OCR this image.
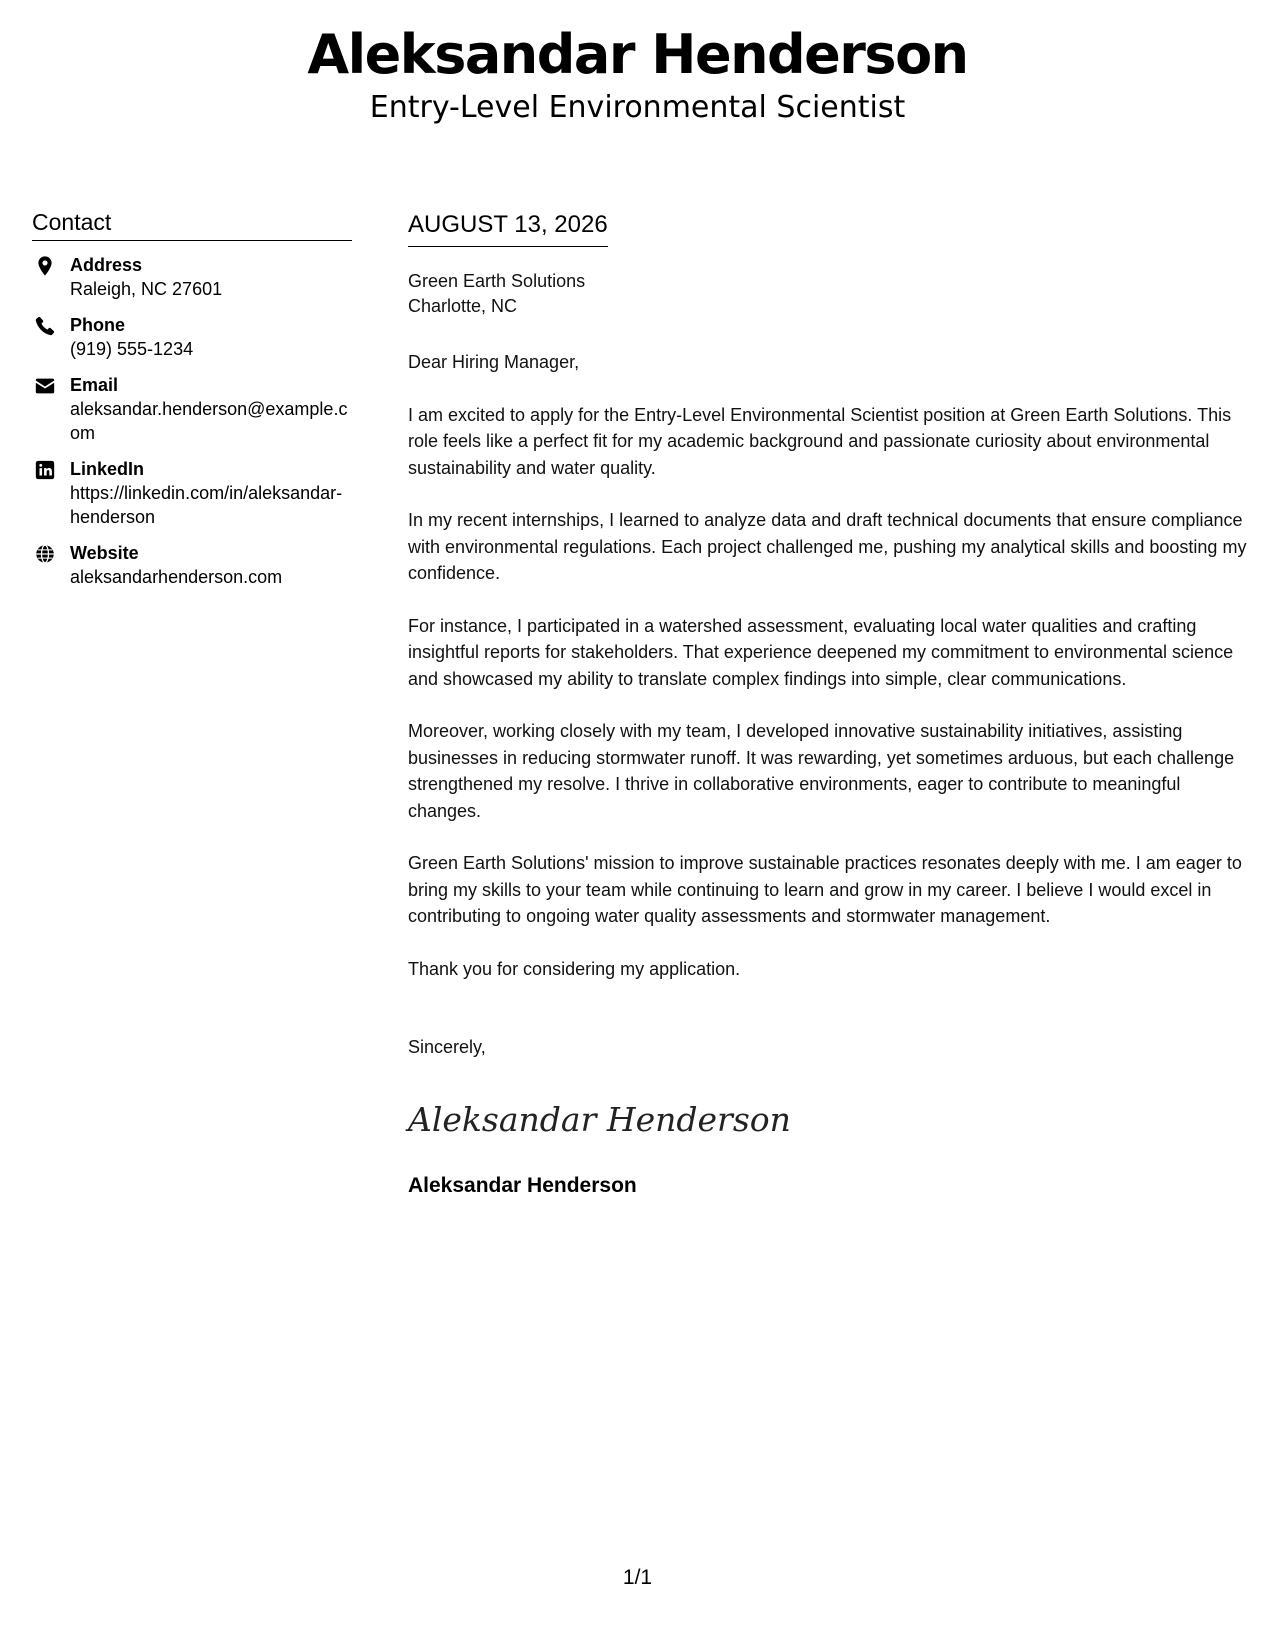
Aleksandar Henderson
Entry-Level Environmental Scientist
Contact
Address
Raleigh, NC 27601
Phone
(919) 555-1234
Email
aleksandar.henderson@example.com
LinkedIn
https://linkedin.com/in/aleksandar-henderson
Website
aleksandarhenderson.com
AUGUST 13, 2026
Green Earth Solutions
Charlotte, NC
Dear Hiring Manager,
I am excited to apply for the Entry-Level Environmental Scientist position at Green Earth Solutions. This role feels like a perfect fit for my academic background and passionate curiosity about environmental sustainability and water quality.
In my recent internships, I learned to analyze data and draft technical documents that ensure compliance with environmental regulations. Each project challenged me, pushing my analytical skills and boosting my confidence.
For instance, I participated in a watershed assessment, evaluating local water qualities and crafting insightful reports for stakeholders. That experience deepened my commitment to environmental science and showcased my ability to translate complex findings into simple, clear communications.
Moreover, working closely with my team, I developed innovative sustainability initiatives, assisting businesses in reducing stormwater runoff. It was rewarding, yet sometimes arduous, but each challenge strengthened my resolve. I thrive in collaborative environments, eager to contribute to meaningful changes.
Green Earth Solutions' mission to improve sustainable practices resonates deeply with me. I am eager to bring my skills to your team while continuing to learn and grow in my career. I believe I would excel in contributing to ongoing water quality assessments and stormwater management.
Thank you for considering my application.
Sincerely,
Aleksandar Henderson
Aleksandar Henderson
1/1
